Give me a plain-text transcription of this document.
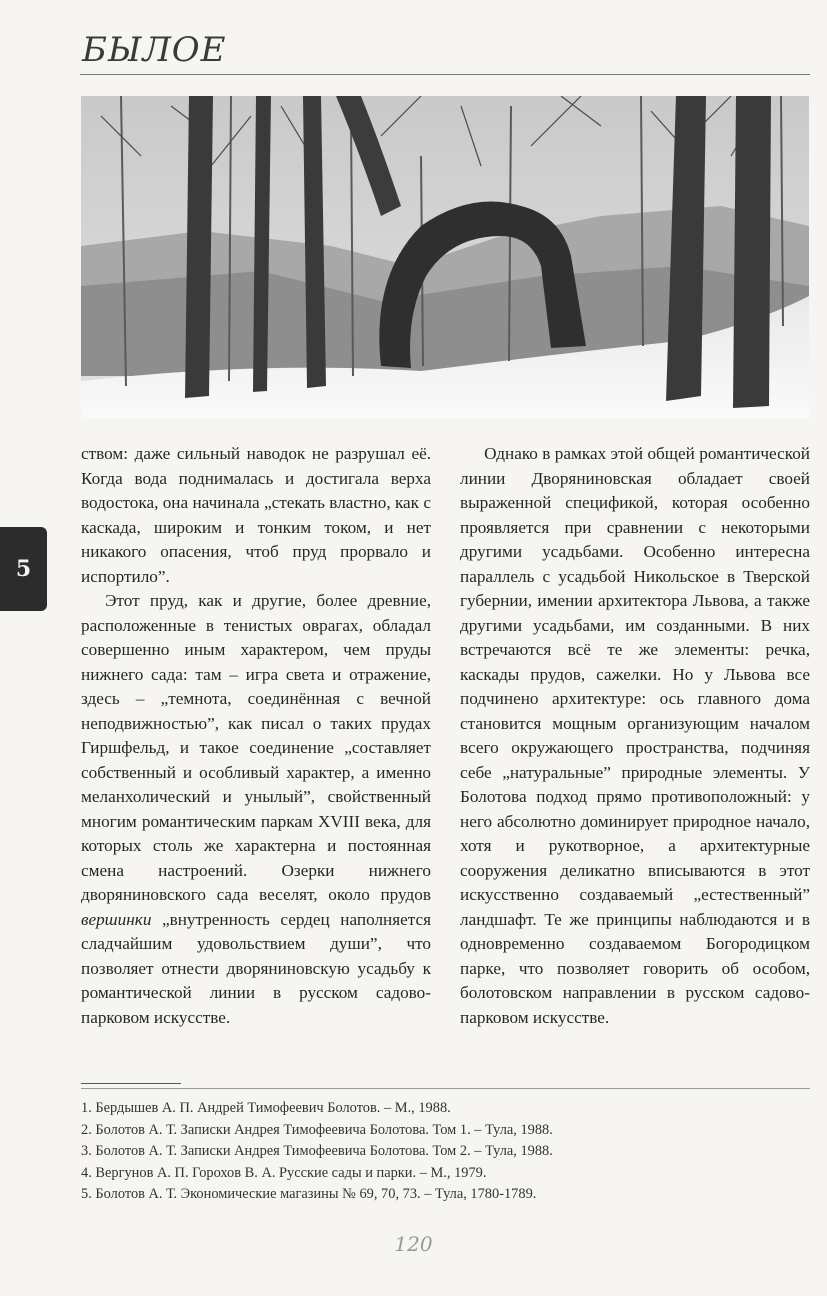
БЫЛОЕ

ством: даже сильный наводок не разрушал её. Когда вода поднималась и достигала верха водостока, она начинала „стекать властно, как с каскада, широким и тонким током, и нет никакого опасения, чтоб пруд прорвало и испортило”.

Этот пруд, как и другие, более древние, расположенные в тенистых оврагах, обладал совершенно иным характером, чем пруды нижнего сада: там – игра света и отражение, здесь – „темнота, соединённая с вечной неподвижностью”, как писал о таких прудах Гиршфельд, и такое соединение „составляет собственный и особливый характер, а именно меланхолический и унылый”, свойственный многим романтическим паркам XVIII века, для которых столь же характерна и постоянная смена настроений. Озерки нижнего дворяниновского сада веселят, около прудов вершинки „внутренность сердец наполняется сладчайшим удовольствием души”, что позволяет отнести дворяниновскую усадьбу к романтической линии в русском садово-парковом искусстве.

Однако в рамках этой общей романтической линии Дворяниновская обладает своей выраженной спецификой, которая особенно проявляется при сравнении с некоторыми другими усадьбами. Особенно интересна параллель с усадьбой Никольское в Тверской губернии, имении архитектора Львова, а также другими усадьбами, им созданными. В них встречаются всё те же элементы: речка, каскады прудов, сажелки. Но у Львова все подчинено архитектуре: ось главного дома становится мощным организующим началом всего окружающего пространства, подчиняя себе „натуральные” природные элементы. У Болотова подход прямо противоположный: у него абсолютно доминирует природное начало, хотя и рукотворное, а архитектурные сооружения деликатно вписываются в этот искусственно создаваемый „естественный” ландшафт. Те же принципы наблюдаются и в одновременно создаваемом Богородицком парке, что позволяет говорить об особом, болотовском направлении в русском садово-парковом искусстве.

5
1. Бердышев А. П. Андрей Тимофеевич Болотов. – М., 1988.
2. Болотов А. Т. Записки Андрея Тимофеевича Болотова. Том 1. – Тула, 1988.
3. Болотов А. Т. Записки Андрея Тимофеевича Болотова. Том 2. – Тула, 1988.
4. Вергунов А. П. Горохов В. А. Русские сады и парки. – М., 1979.
5. Болотов А. Т. Экономические магазины № 69, 70, 73. – Тула, 1780-1789.
120
